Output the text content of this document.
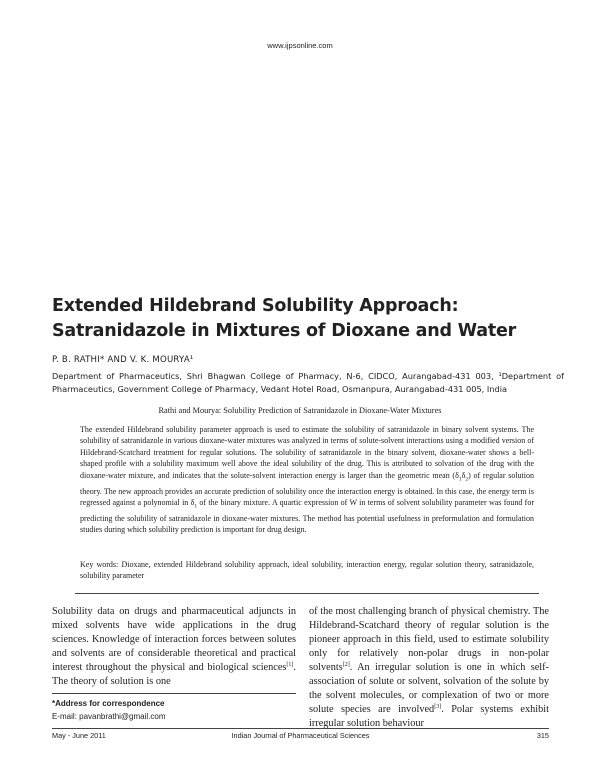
www.ijpsonline.com
Extended Hildebrand Solubility Approach: Satranidazole in Mixtures of Dioxane and Water
P. B. RATHI* AND V. K. MOURYA¹
Department of Pharmaceutics, Shri Bhagwan College of Pharmacy, N-6, CIDCO, Aurangabad-431 003, ¹Department of Pharmaceutics, Government College of Pharmacy, Vedant Hotel Road, Osmanpura, Aurangabad-431 005, India
Rathi and Mourya: Solubility Prediction of Satranidazole in Dioxane-Water Mixtures
The extended Hildebrand solubility parameter approach is used to estimate the solubility of satranidazole in binary solvent systems. The solubility of satranidazole in various dioxane-water mixtures was analyzed in terms of solute-solvent interactions using a modified version of Hildebrand-Scatchard treatment for regular solutions. The solubility of satranidazole in the binary solvent, dioxane-water shows a bell-shaped profile with a solubility maximum well above the ideal solubility of the drug. This is attributed to solvation of the drug with the dioxane-water mixture, and indicates that the solute-solvent interaction energy is larger than the geometric mean $(\delta_1\delta_2)$ of regular solution theory. The new approach provides an accurate prediction of solubility once the interaction energy is obtained. In this case, the energy term is regressed against a polynomial in $\delta_1$ of the binary mixture. A quartic expression of W in terms of solvent solubility parameter was found for predicting the solubility of satranidazole in dioxane-water mixtures. The method has potential usefulness in preformulation and formulation studies during which solubility prediction is important for drug design.
Key words: Dioxane, extended Hildebrand solubility approach, ideal solubility, interaction energy, regular solution theory, satranidazole, solubility parameter

Solubility data on drugs and pharmaceutical adjuncts in mixed solvents have wide applications in the drug sciences. Knowledge of interaction forces between solutes and solvents are of considerable theoretical and practical interest throughout the physical and biological sciences[1]. The theory of solution is one

of the most challenging branch of physical chemistry. The Hildebrand-Scatchard theory of regular solution is the pioneer approach in this field, used to estimate solubility only for relatively non-polar drugs in non-polar solvents[2]. An irregular solution is one in which self-association of solute or solvent, solvation of the solute by the solvent molecules, or complexation of two or more solute species are involved[3]. Polar systems exhibit irregular solution behaviour

*Address for correspondence
E-mail: pavanbrathi@gmail.com
May - June 2011	Indian Journal of Pharmaceutical Sciences	315
